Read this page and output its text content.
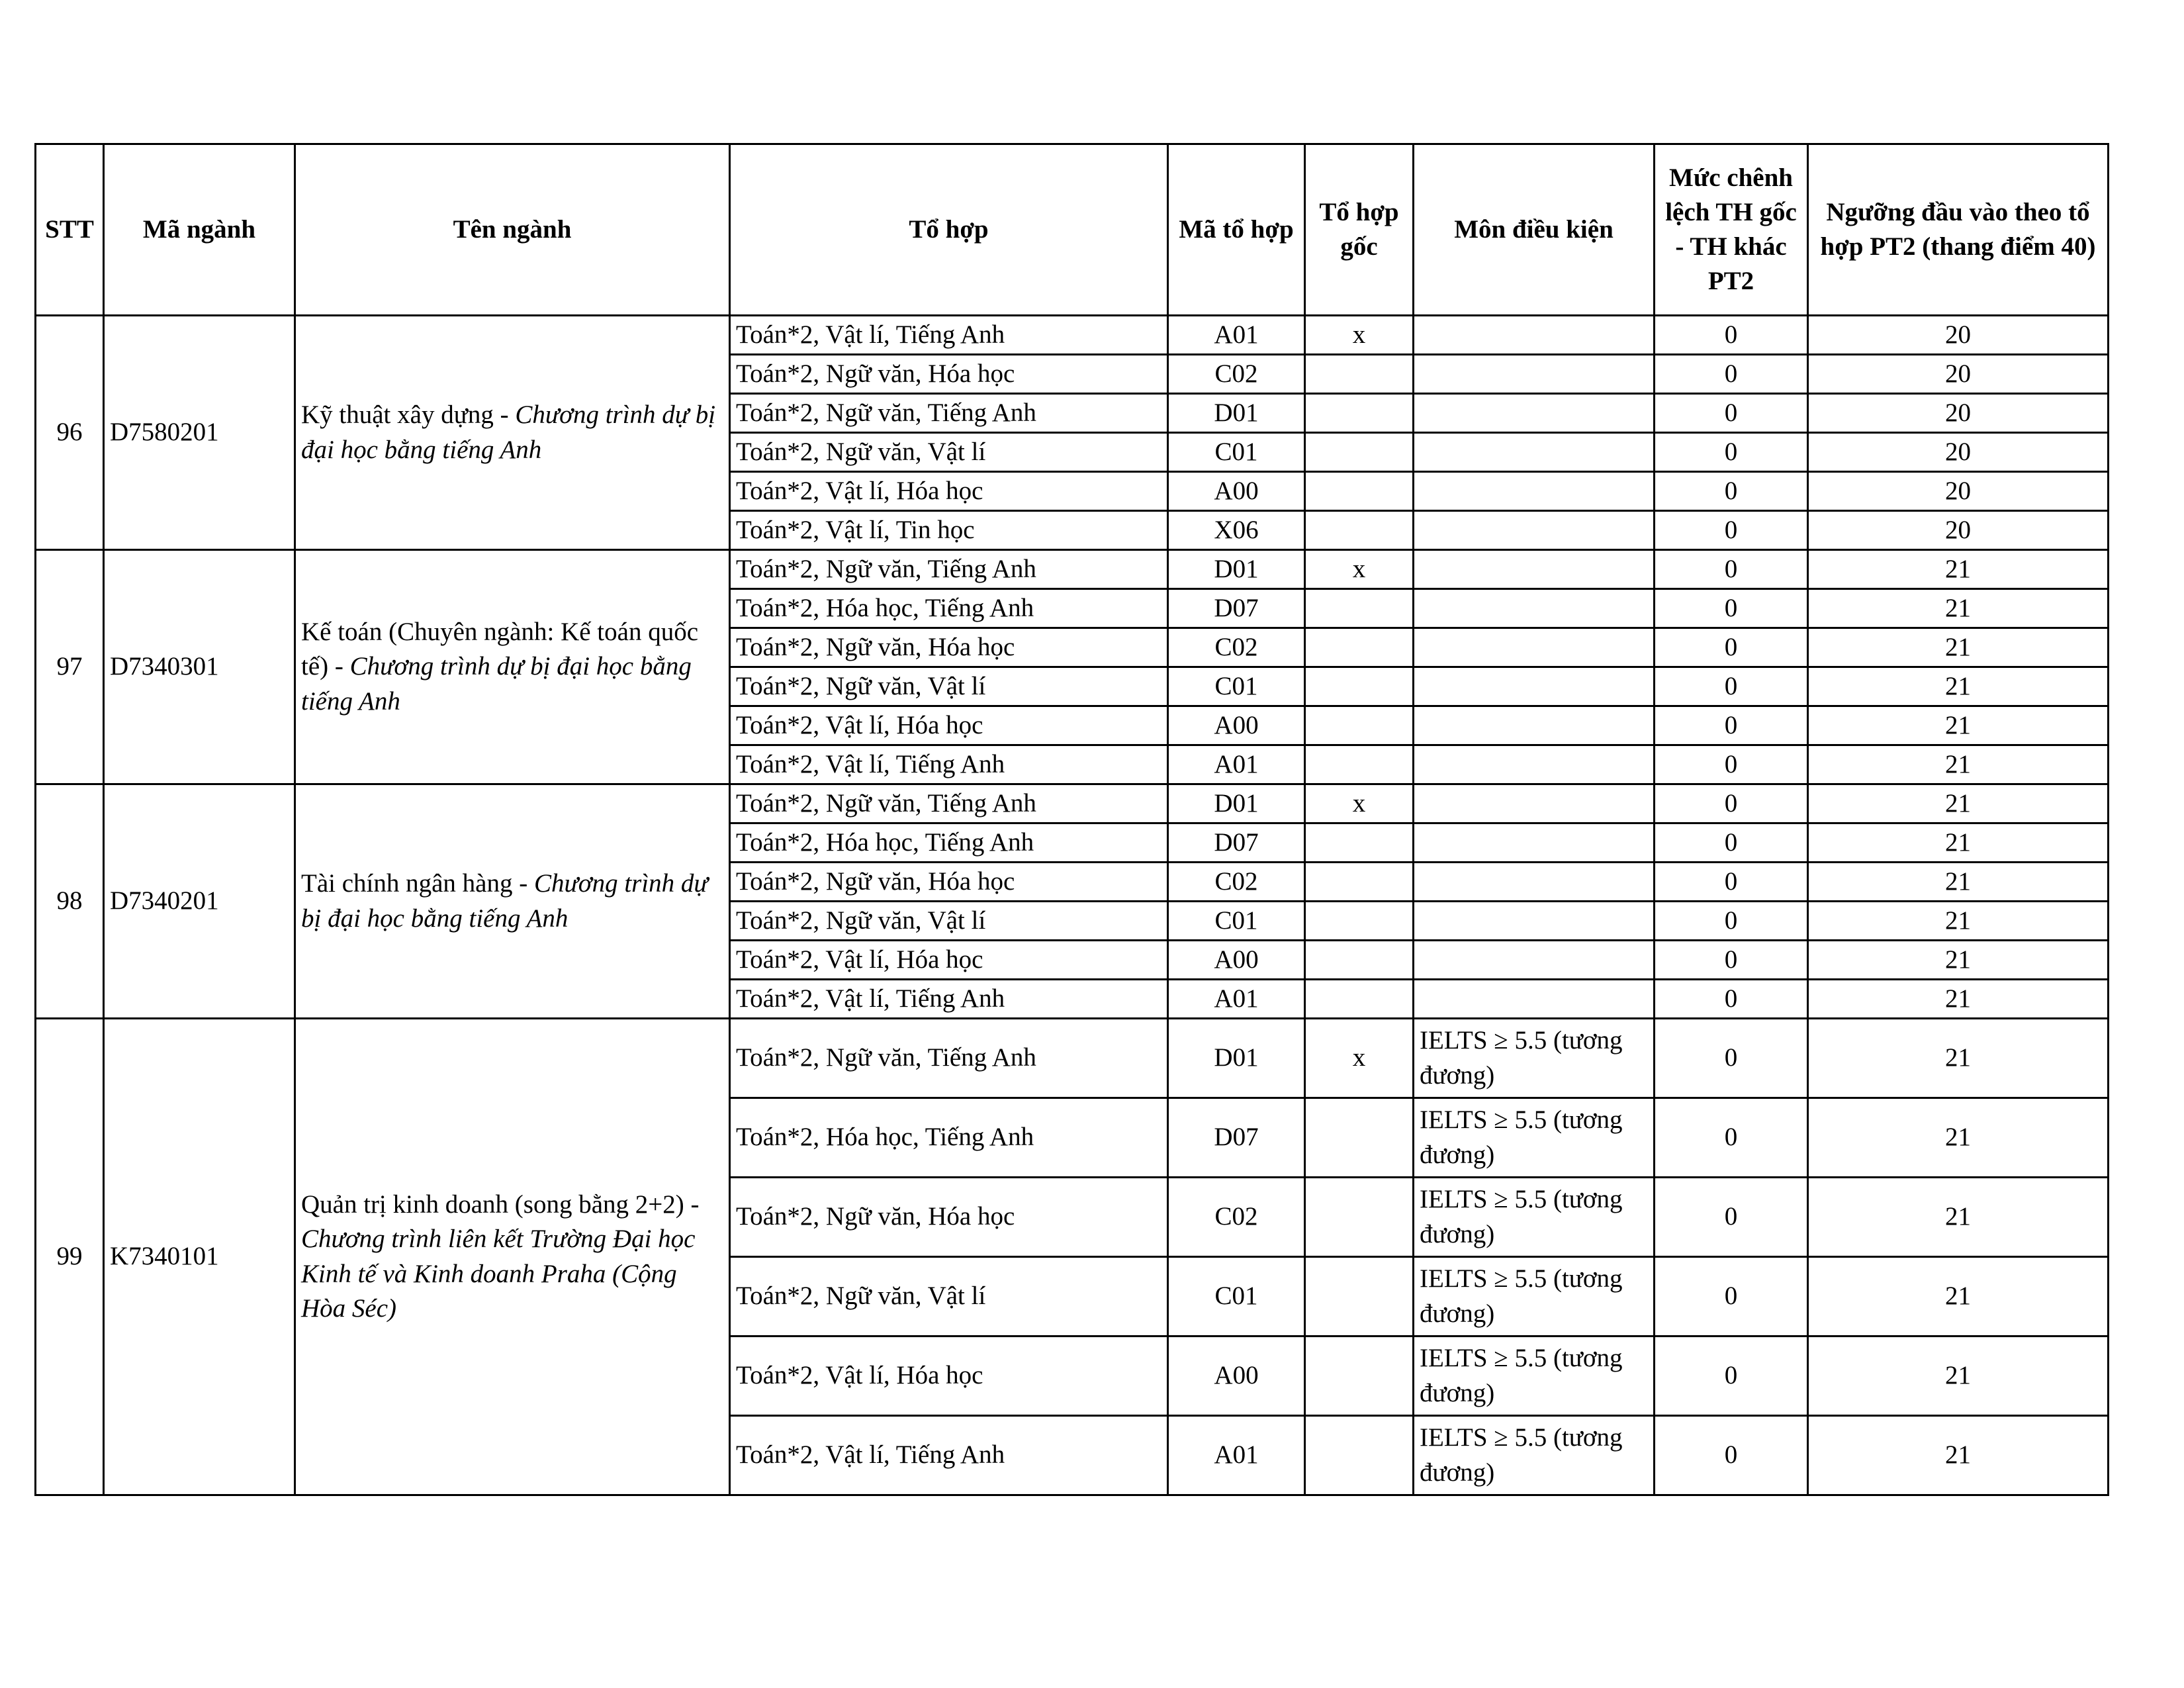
STT	Mã ngành	Tên ngành	Tổ hợp	Mã tổ hợp	Tổ hợp gốc	Môn điều kiện	Mức chênh lệch TH gốc - TH khác PT2	Ngưỡng đầu vào theo tổ hợp PT2 (thang điểm 40)
96	D7580201	Kỹ thuật xây dựng - Chương trình dự bị đại học bằng tiếng Anh	Toán*2, Vật lí, Tiếng Anh	A01	x		0	20
			Toán*2, Ngữ văn, Hóa học	C02			0	20
			Toán*2, Ngữ văn, Tiếng Anh	D01			0	20
			Toán*2, Ngữ văn, Vật lí	C01			0	20
			Toán*2, Vật lí, Hóa học	A00			0	20
			Toán*2, Vật lí, Tin học	X06			0	20
97	D7340301	Kế toán (Chuyên ngành: Kế toán quốc tế) - Chương trình dự bị đại học bằng tiếng Anh	Toán*2, Ngữ văn, Tiếng Anh	D01	x		0	21
			Toán*2, Hóa học, Tiếng Anh	D07			0	21
			Toán*2, Ngữ văn, Hóa học	C02			0	21
			Toán*2, Ngữ văn, Vật lí	C01			0	21
			Toán*2, Vật lí, Hóa học	A00			0	21
			Toán*2, Vật lí, Tiếng Anh	A01			0	21
98	D7340201	Tài chính ngân hàng - Chương trình dự bị đại học bằng tiếng Anh	Toán*2, Ngữ văn, Tiếng Anh	D01	x		0	21
			Toán*2, Hóa học, Tiếng Anh	D07			0	21
			Toán*2, Ngữ văn, Hóa học	C02			0	21
			Toán*2, Ngữ văn, Vật lí	C01			0	21
			Toán*2, Vật lí, Hóa học	A00			0	21
			Toán*2, Vật lí, Tiếng Anh	A01			0	21
99	K7340101	Quản trị kinh doanh (song bằng 2+2) - Chương trình liên kết Trường Đại học Kinh tế và Kinh doanh Praha (Cộng Hòa Séc)	Toán*2, Ngữ văn, Tiếng Anh	D01	x	IELTS ≥ 5.5 (tương đương)	0	21
			Toán*2, Hóa học, Tiếng Anh	D07		IELTS ≥ 5.5 (tương đương)	0	21
			Toán*2, Ngữ văn, Hóa học	C02		IELTS ≥ 5.5 (tương đương)	0	21
			Toán*2, Ngữ văn, Vật lí	C01		IELTS ≥ 5.5 (tương đương)	0	21
			Toán*2, Vật lí, Hóa học	A00		IELTS ≥ 5.5 (tương đương)	0	21
			Toán*2, Vật lí, Tiếng Anh	A01		IELTS ≥ 5.5 (tương đương)	0	21
